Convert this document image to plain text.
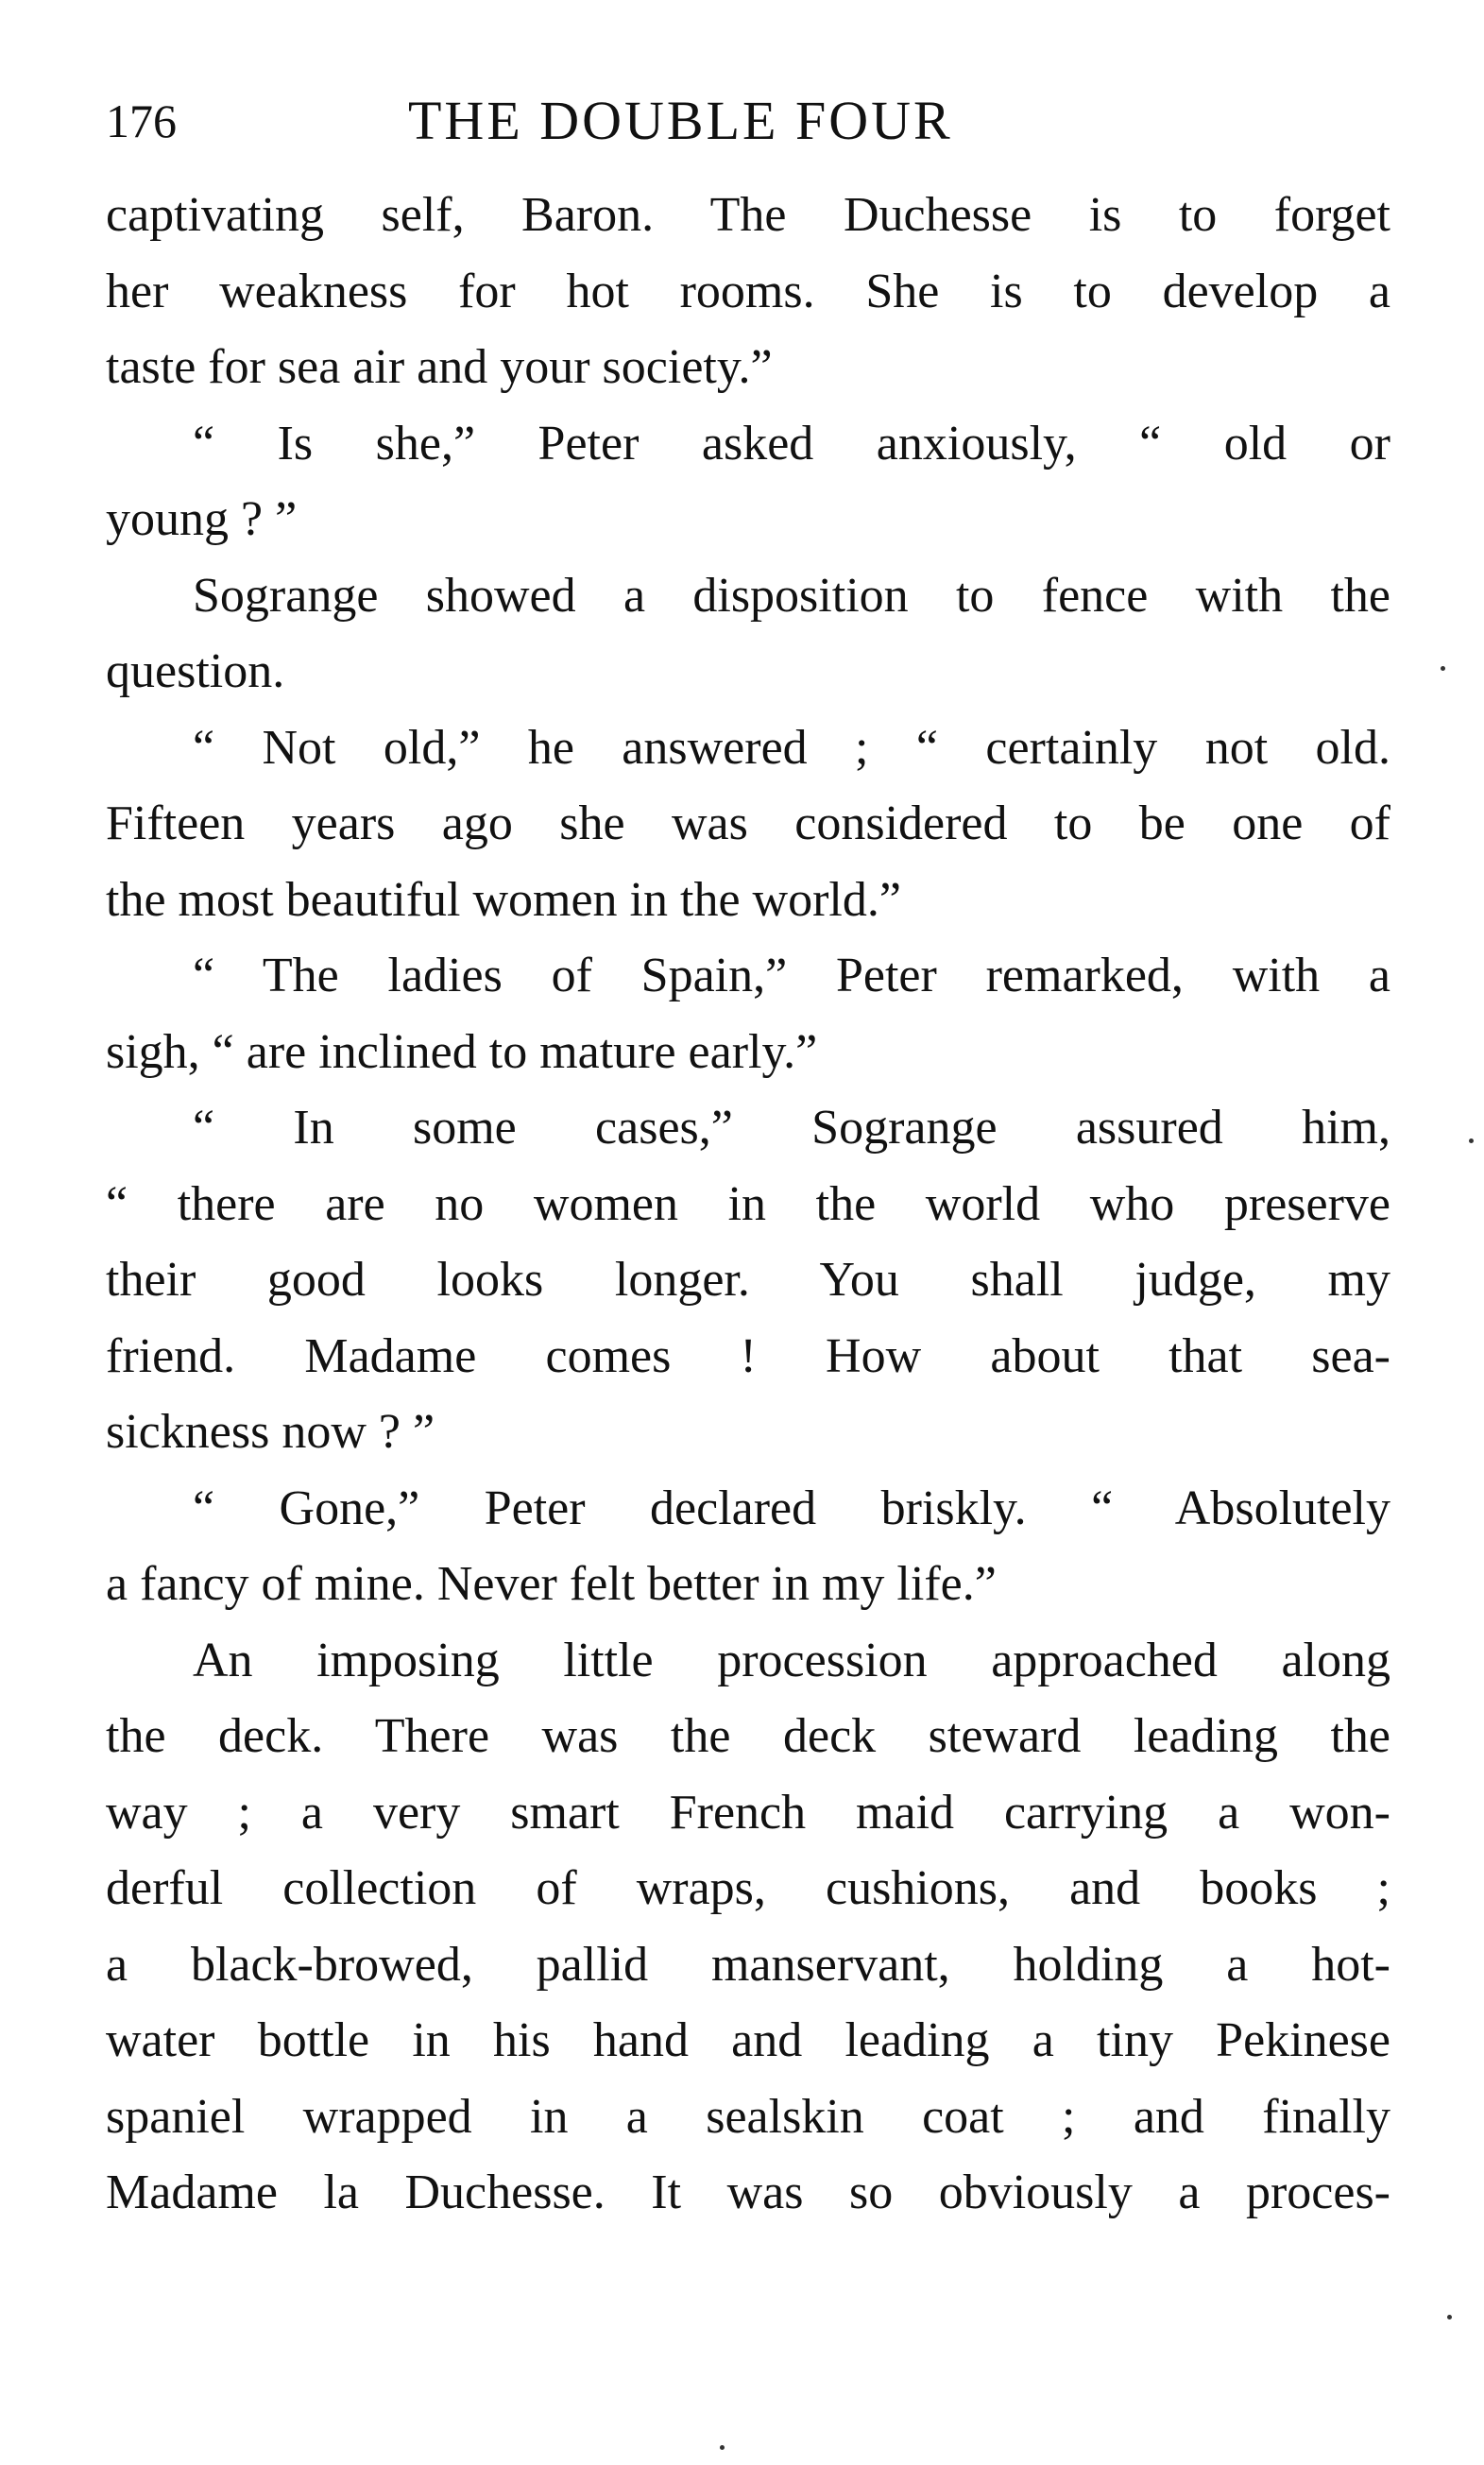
176	THE DOUBLE FOUR
captivating self, Baron. The Duchesse is to forget
her weakness for hot rooms. She is to develop a
taste for sea air and your society.”
“ Is she,” Peter asked anxiously, “ old or
young ? ”
Sogrange showed a disposition to fence with the
question.
“ Not old,” he answered ; “ certainly not old.
Fifteen years ago she was considered to be one of
the most beautiful women in the world.”
“ The ladies of Spain,” Peter remarked, with a
sigh, “ are inclined to mature early.”
“ In some cases,” Sogrange assured him,
“ there are no women in the world who preserve
their good looks longer. You shall judge, my
friend. Madame comes ! How about that sea-
sickness now ? ”
“ Gone,” Peter declared briskly. “ Absolutely
a fancy of mine. Never felt better in my life.”
An imposing little procession approached along
the deck. There was the deck steward leading the
way ; a very smart French maid carrying a won-
derful collection of wraps, cushions, and books ;
a black-browed, pallid manservant, holding a hot-
water bottle in his hand and leading a tiny Pekinese
spaniel wrapped in a sealskin coat ; and finally
Madame la Duchesse. It was so obviously a proces-
